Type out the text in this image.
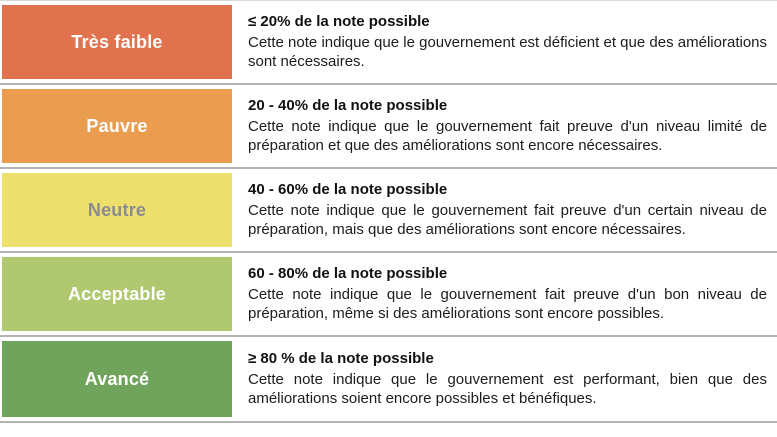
Très faible
≤ 20% de la note possible
Cette note indique que le gouvernement est déficient et que des améliorations sont nécessaires.
Pauvre
20 - 40% de la note possible
Cette note indique que le gouvernement fait preuve d'un niveau limité de préparation et que des améliorations sont encore nécessaires.
Neutre
40 - 60% de la note possible
Cette note indique que le gouvernement fait preuve d'un certain niveau de préparation, mais que des améliorations sont encore nécessaires.
Acceptable
60 - 80% de la note possible
Cette note indique que le gouvernement fait preuve d'un bon niveau de préparation, même si des améliorations sont encore possibles.
Avancé
≥ 80 % de la note possible
Cette note indique que le gouvernement est performant, bien que des améliorations soient encore possibles et bénéfiques.
